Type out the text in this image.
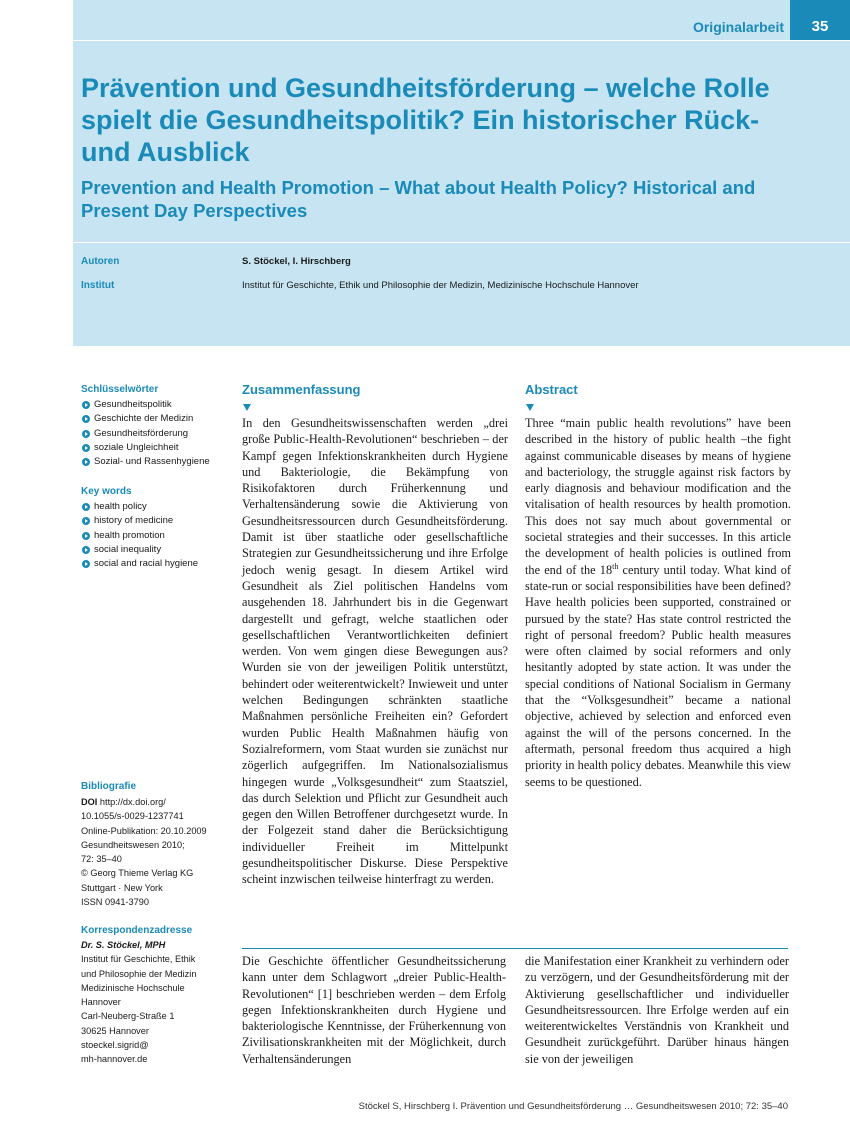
Originalarbeit	35
Prävention und Gesundheitsförderung – welche Rolle spielt die Gesundheitspolitik? Ein historischer Rück- und Ausblick
Prevention and Health Promotion – What about Health Policy? Historical and Present Day Perspectives
Autoren	S. Stöckel, I. Hirschberg
Institut	Institut für Geschichte, Ethik und Philosophie der Medizin, Medizinische Hochschule Hannover

Schlüsselwörter

Gesundheitspolitik
Geschichte der Medizin
Gesundheitsförderung
soziale Ungleichheit
Sozial- und Rassenhygiene

Key words

health policy
history of medicine
health promotion
social inequality
social and racial hygiene

Bibliografie

DOI http://dx.doi.org/
10.1055/s-0029-1237741
Online-Publikation: 20.10.2009
Gesundheitswesen 2010;
72: 35–40
© Georg Thieme Verlag KG
Stuttgart · New York
ISSN 0941-3790

Korrespondenzadresse

Dr. S. Stöckel, MPH
Institut für Geschichte, Ethik
und Philosophie der Medizin
Medizinische Hochschule
Hannover
Carl-Neuberg-Straße 1
30625 Hannover
stoeckel.sigrid@
mh-hannover.de
Zusammenfassung

In den Gesundheitswissenschaften werden „drei große Public-Health-Revolutionen“ beschrieben – der Kampf gegen Infektionskrankheiten durch Hygiene und Bakteriologie, die Bekämpfung von Risikofaktoren durch Früherkennung und Verhaltensänderung sowie die Aktivierung von Gesundheitsressourcen durch Gesundheitsförderung. Damit ist über staatliche oder gesellschaftliche Strategien zur Gesundheitssicherung und ihre Erfolge jedoch wenig gesagt. In diesem Artikel wird Gesundheit als Ziel politischen Handelns vom ausgehenden 18. Jahrhundert bis in die Gegenwart dargestellt und gefragt, welche staatlichen oder gesellschaftlichen Verantwortlichkeiten definiert werden. Von wem gingen diese Bewegungen aus? Wurden sie von der jeweiligen Politik unterstützt, behindert oder weiterentwickelt? Inwieweit und unter welchen Bedingungen schränkten staatliche Maßnahmen persönliche Freiheiten ein? Gefordert wurden Public Health Maßnahmen häufig von Sozialreformern, vom Staat wurden sie zunächst nur zögerlich aufgegriffen. Im Nationalsozialismus hingegen wurde „Volksgesundheit“ zum Staatsziel, das durch Selektion und Pflicht zur Gesundheit auch gegen den Willen Betroffener durchgesetzt wurde. In der Folgezeit stand daher die Berücksichtigung individueller Freiheit im Mittelpunkt gesundheitspolitischer Diskurse. Diese Perspektive scheint inzwischen teilweise hinterfragt zu werden.

Abstract

Three “main public health revolutions” have been described in the history of public health –the fight against communicable diseases by means of hygiene and bacteriology, the struggle against risk factors by early diagnosis and behaviour modification and the vitalisation of health resources by health promotion. This does not say much about governmental or societal strategies and their successes. In this article the development of health policies is outlined from the end of the 18th century until today. What kind of state-run or social responsibilities have been defined? Have health policies been supported, constrained or pursued by the state? Has state control restricted the right of personal freedom? Public health measures were often claimed by social reformers and only hesitantly adopted by state action. It was under the special conditions of National Socialism in Germany that the “Volksgesundheit” became a national objective, achieved by selection and enforced even against the will of the persons concerned. In the aftermath, personal freedom thus acquired a high priority in health policy debates. Meanwhile this view seems to be questioned.

Die Geschichte öffentlicher Gesundheitssicherung kann unter dem Schlagwort „dreier Public-Health-Revolutionen“ [1] beschrieben werden – dem Erfolg gegen Infektionskrankheiten durch Hygiene und bakteriologische Kenntnisse, der Früherkennung von Zivilisationskrankheiten mit der Möglichkeit, durch Verhaltensänderungen

die Manifestation einer Krankheit zu verhindern oder zu verzögern, und der Gesundheitsförderung mit der Aktivierung gesellschaftlicher und individueller Gesundheitsressourcen. Ihre Erfolge werden auf ein weiterentwickeltes Verständnis von Krankheit und Gesundheit zurückgeführt. Darüber hinaus hängen sie von der jeweiligen

Stöckel S, Hirschberg I. Prävention und Gesundheitsförderung … Gesundheitswesen 2010; 72: 35–40
